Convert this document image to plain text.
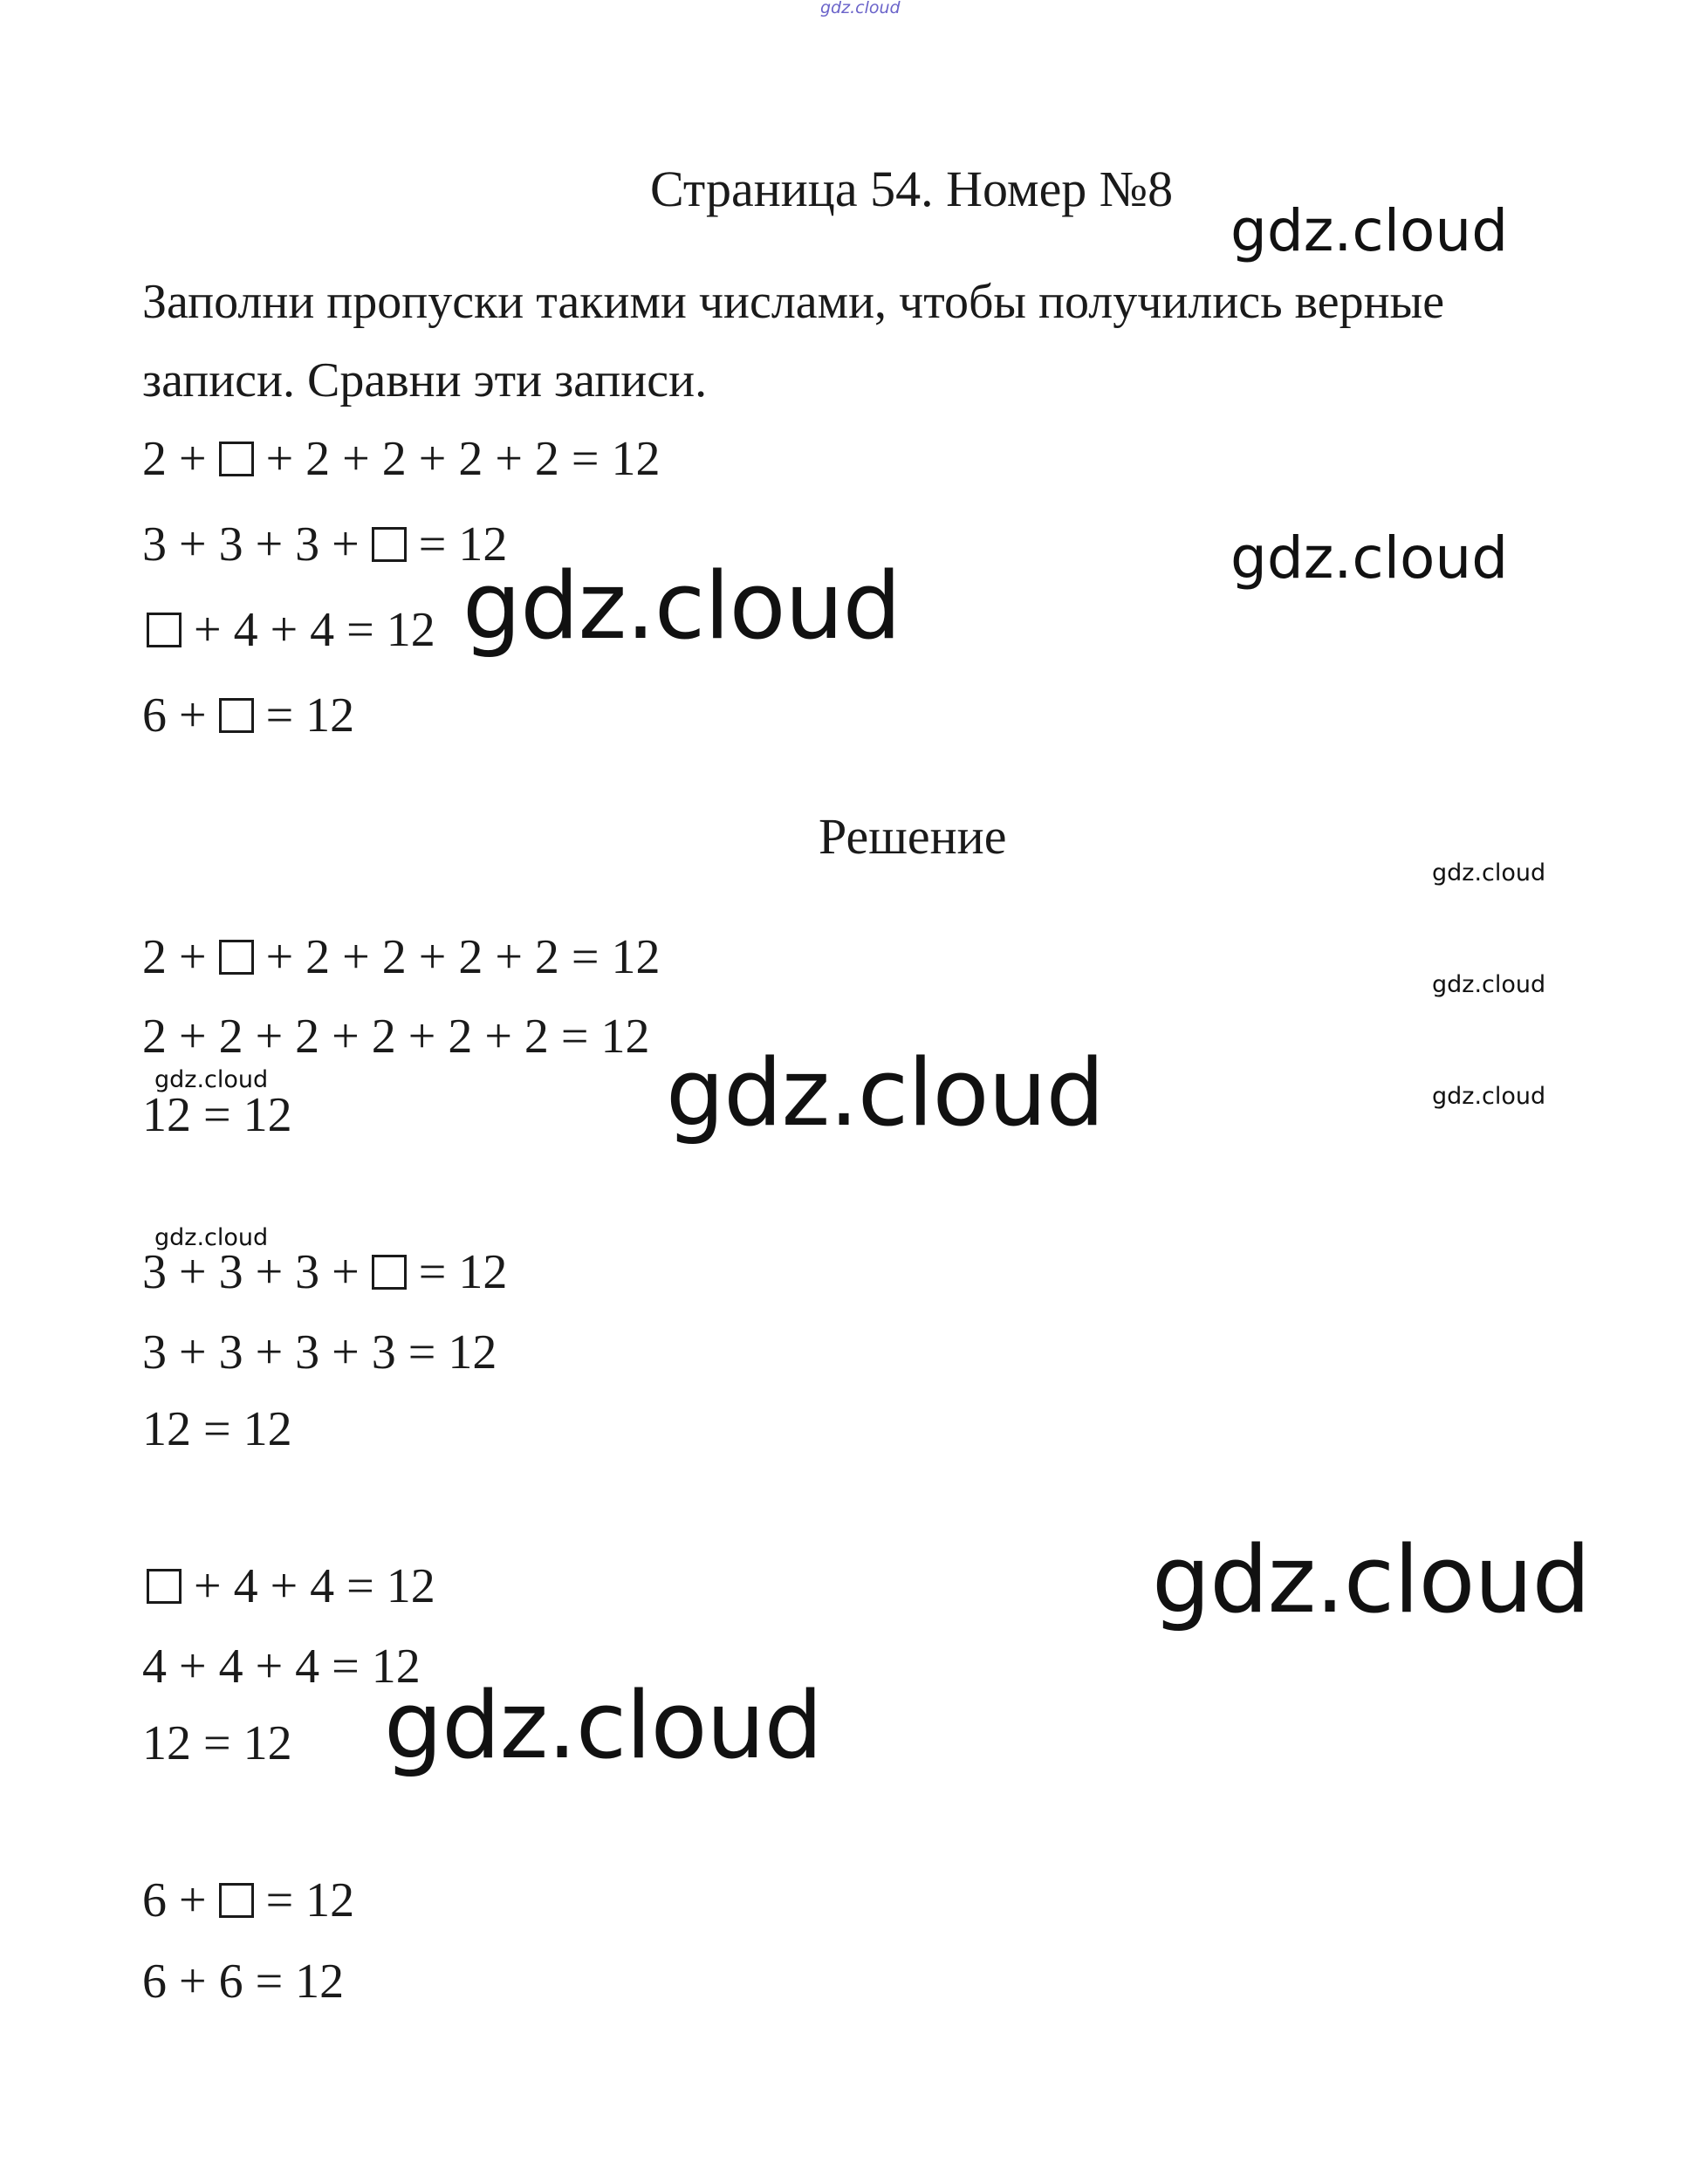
gdz.cloud
gdz.cloud
gdz.cloud
gdz.cloud
gdz.cloud
gdz.cloud
gdz.cloud
gdz.cloud
gdz.cloud
gdz.cloud
gdz.cloud
gdz.cloud
Страница 54. Номер №8
Заполни пропуски такими числами, чтобы получились верные
записи. Сравни эти записи.
2 +  + 2 + 2 + 2 + 2 = 12
3 + 3 + 3 +  = 12
+ 4 + 4 = 12
6 +  = 12
Решение
2 +  + 2 + 2 + 2 + 2 = 12
2 + 2 + 2 + 2 + 2 + 2 = 12
12 = 12
3 + 3 + 3 +  = 12
3 + 3 + 3 + 3 = 12
12 = 12
+ 4 + 4 = 12
4 + 4 + 4 = 12
12 = 12
6 +  = 12
6 + 6 = 12
